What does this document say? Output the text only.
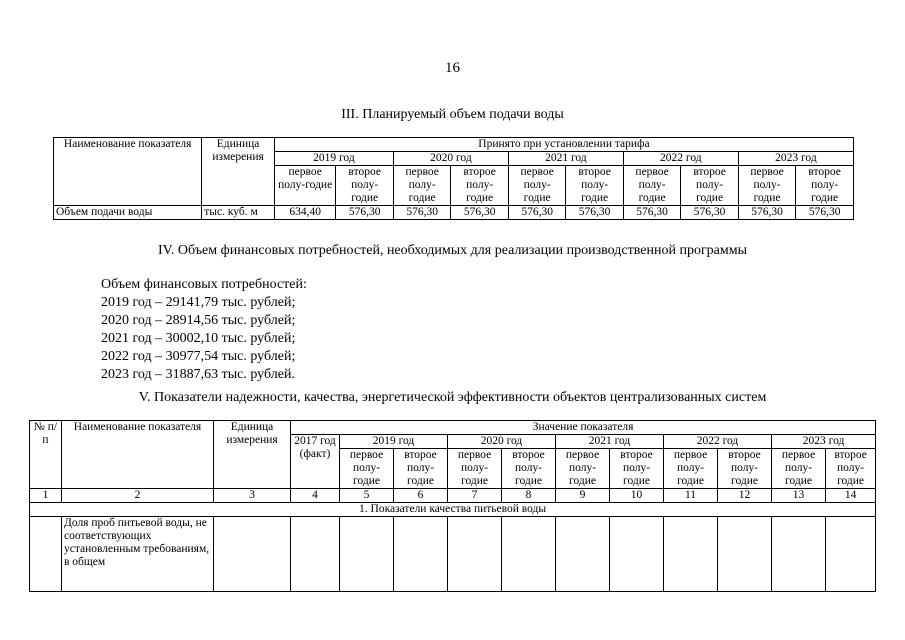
16
III. Планируемый объем подачи воды
Наименование показателя	Единица измерения	Принято при установлении тарифа									
		2019 год		2020 год		2021 год		2022 год		2023 год	
		первое полу-годие	второе полу-годие	первое полу-годие	второе полу-годие	первое полу-годие	второе полу-годие	первое полу-годие	второе полу-годие	первое полу-годие	второе полу-годие
Объем подачи воды	тыс. куб. м	634,40	576,30	576,30	576,30	576,30	576,30	576,30	576,30	576,30	576,30
IV. Объем финансовых потребностей, необходимых для реализации производственной программы
Объем финансовых потребностей:
2019 год – 29141,79 тыс. рублей;
2020 год – 28914,56 тыс. рублей;
2021 год – 30002,10 тыс. рублей;
2022 год – 30977,54 тыс. рублей;
2023 год – 31887,63 тыс. рублей.
V. Показатели надежности, качества, энергетической эффективности объектов централизованных систем
№ п/п	Наименование показателя	Единица измерения	Значение показателя										
			2017 год (факт)	2019 год		2020 год		2021 год		2022 год		2023 год	
				первое полу-годие	второе полу-годие	первое полу-годие	второе полу-годие	первое полу-годие	второе полу-годие	первое полу-годие	второе полу-годие	первое полу-годие	второе полу-годие
1	2	3	4	5	6	7	8	9	10	11	12	13	14
1. Показатели качества питьевой воды													
	Доля проб питьевой воды, не соответствующих установленным требованиям, в общем												
